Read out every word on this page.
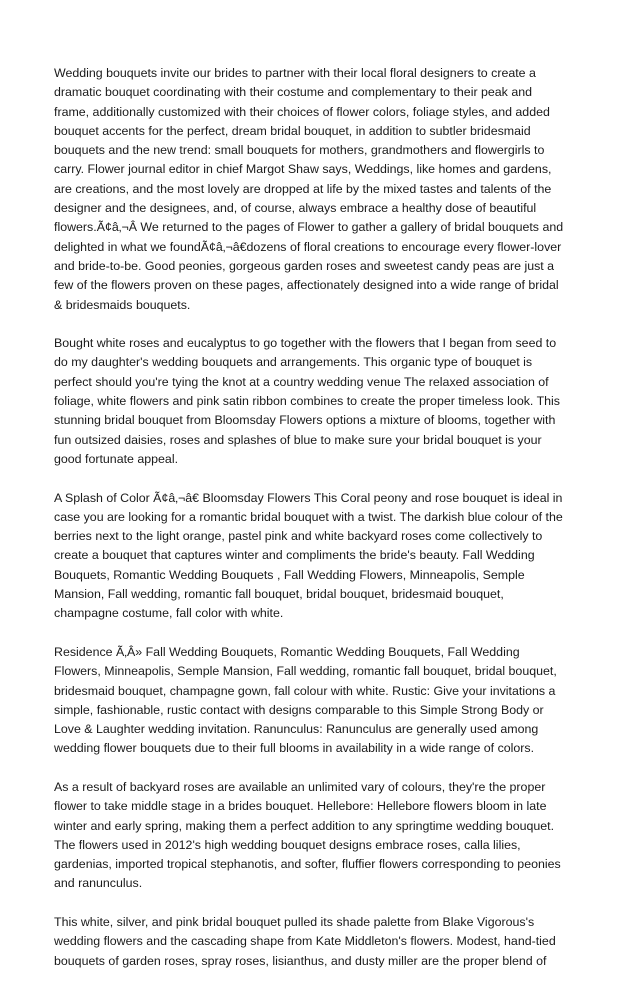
Wedding bouquets invite our brides to partner with their local floral designers to create a
dramatic bouquet coordinating with their costume and complementary to their peak and
frame, additionally customized with their choices of flower colors, foliage styles, and added
bouquet accents for the perfect, dream bridal bouquet, in addition to subtler bridesmaid
bouquets and the new trend: small bouquets for mothers, grandmothers and flowergirls to
carry. Flower journal editor in chief Margot Shaw says, Weddings, like homes and gardens,
are creations, and the most lovely are dropped at life by the mixed tastes and talents of the
designer and the designees, and, of course, always embrace a healthy dose of beautiful
flowers.Ã¢â‚¬Â We returned to the pages of Flower to gather a gallery of bridal bouquets and
delighted in what we foundÃ¢â‚¬â€dozens of floral creations to encourage every flower-lover
and bride-to-be. Good peonies, gorgeous garden roses and sweetest candy peas are just a
few of the flowers proven on these pages, affectionately designed into a wide range of bridal
& bridesmaids bouquets.
Bought white roses and eucalyptus to go together with the flowers that I began from seed to
do my daughter's wedding bouquets and arrangements. This organic type of bouquet is
perfect should you're tying the knot at a country wedding venue The relaxed association of
foliage, white flowers and pink satin ribbon combines to create the proper timeless look. This
stunning bridal bouquet from Bloomsday Flowers options a mixture of blooms, together with
fun outsized daisies, roses and splashes of blue to make sure your bridal bouquet is your
good fortunate appeal.
A Splash of Color Ã¢â‚¬â€ Bloomsday Flowers This Coral peony and rose bouquet is ideal in
case you are looking for a romantic bridal bouquet with a twist. The darkish blue colour of the
berries next to the light orange, pastel pink and white backyard roses come collectively to
create a bouquet that captures winter and compliments the bride's beauty. Fall Wedding
Bouquets, Romantic Wedding Bouquets , Fall Wedding Flowers, Minneapolis, Semple
Mansion, Fall wedding, romantic fall bouquet, bridal bouquet, bridesmaid bouquet,
champagne costume, fall color with white.
Residence Ã‚Â» Fall Wedding Bouquets, Romantic Wedding Bouquets, Fall Wedding
Flowers, Minneapolis, Semple Mansion, Fall wedding, romantic fall bouquet, bridal bouquet,
bridesmaid bouquet, champagne gown, fall colour with white. Rustic: Give your invitations a
simple, fashionable, rustic contact with designs comparable to this Simple Strong Body or
Love & Laughter wedding invitation. Ranunculus: Ranunculus are generally used among
wedding flower bouquets due to their full blooms in availability in a wide range of colors.
As a result of backyard roses are available an unlimited vary of colours, they're the proper
flower to take middle stage in a brides bouquet. Hellebore: Hellebore flowers bloom in late
winter and early spring, making them a perfect addition to any springtime wedding bouquet.
The flowers used in 2012's high wedding bouquet designs embrace roses, calla lilies,
gardenias, imported tropical stephanotis, and softer, fluffier flowers corresponding to peonies
and ranunculus.
This white, silver, and pink bridal bouquet pulled its shade palette from Blake Vigorous's
wedding flowers and the cascading shape from Kate Middleton's flowers. Modest, hand-tied
bouquets of garden roses, spray roses, lisianthus, and dusty miller are the proper blend of
